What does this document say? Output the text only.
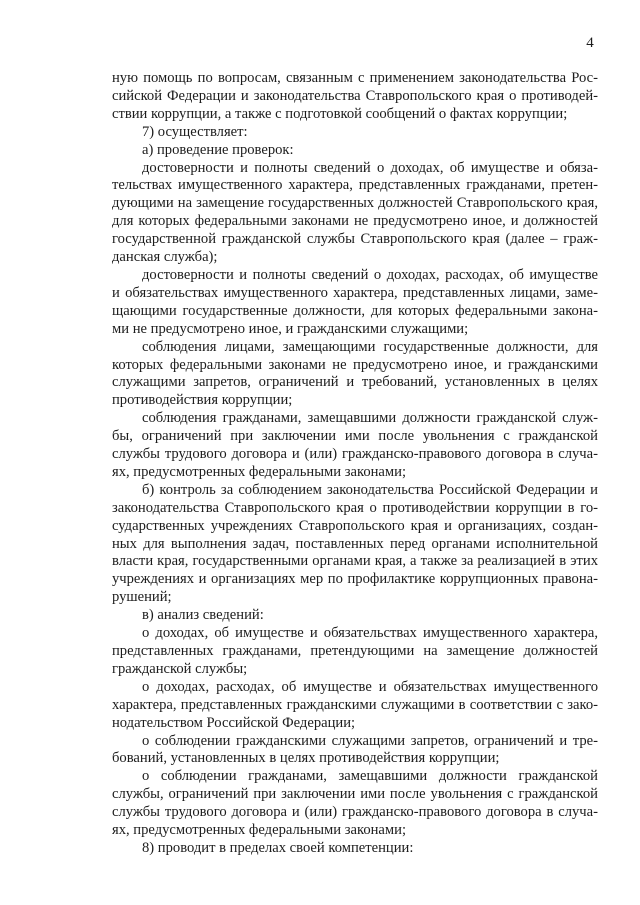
4

ную помощь по вопросам, связанным с применением законодательства Рос-

сийской Федерации и законодательства Ставропольского края о противодей-

ствии коррупции, а также с подготовкой сообщений о фактах коррупции;

7) осуществляет:

а) проведение проверок:

достоверности и полноты сведений о доходах, об имуществе и обяза-

тельствах имущественного характера, представленных гражданами, претен-

дующими на замещение государственных должностей Ставропольского края,

для которых федеральными законами не предусмотрено иное, и должностей

государственной гражданской службы Ставропольского края (далее – граж-

данская служба);

достоверности и полноты сведений о доходах, расходах, об имуществе

и обязательствах имущественного характера, представленных лицами, заме-

щающими государственные должности, для которых федеральными закона-

ми не предусмотрено иное, и гражданскими служащими;

соблюдения лицами, замещающими государственные должности, для

которых федеральными законами не предусмотрено иное, и гражданскими

служащими запретов, ограничений и требований, установленных в целях

противодействия коррупции;

соблюдения гражданами, замещавшими должности гражданской служ-

бы, ограничений при заключении ими после увольнения с гражданской

службы трудового договора и (или) гражданско-правового договора в случа-

ях, предусмотренных федеральными законами;

б) контроль за соблюдением законодательства Российской Федерации и

законодательства Ставропольского края о противодействии коррупции в го-

сударственных учреждениях Ставропольского края и организациях, создан-

ных для выполнения задач, поставленных перед органами исполнительной

власти края, государственными органами края, а также за реализацией в этих

учреждениях и организациях мер по профилактике коррупционных правона-

рушений;

в) анализ сведений:

о доходах, об имуществе и обязательствах имущественного характера,

представленных гражданами, претендующими на замещение должностей

гражданской службы;

о доходах, расходах, об имуществе и обязательствах имущественного

характера, представленных гражданскими служащими в соответствии с зако-

нодательством Российской Федерации;

о соблюдении гражданскими служащими запретов, ограничений и тре-

бований, установленных в целях противодействия коррупции;

о соблюдении гражданами, замещавшими должности гражданской

службы, ограничений при заключении ими после увольнения с гражданской

службы трудового договора и (или) гражданско-правового договора в случа-

ях, предусмотренных федеральными законами;

8) проводит в пределах своей компетенции:
